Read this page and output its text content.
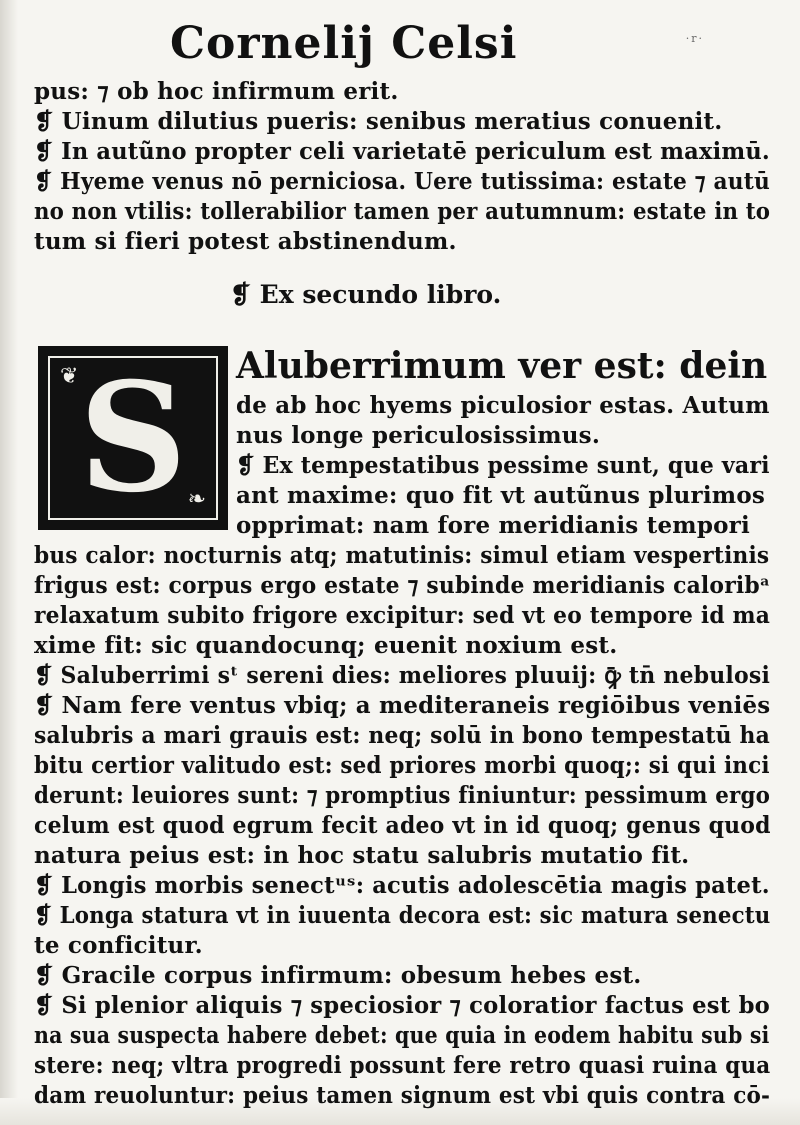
·r·
Cornelij Celsi
pus: ⁊ ob hoc infirmum erit.
❡ Uinum dilutius pueris: senibus meratius conuenit.
❡ In autũno propter celi varietatē periculum est maximū.
❡ Hyeme venus nō perniciosa. Uere tutissima: estate ⁊ autū
no non vtilis: tollerabilior tamen per autumnum: estate in to
tum si fieri potest abstinendum.
❡ Ex secundo libro.
S
❦
❧
Aluberrimum ver est: dein
de ab hoc hyems piculosior estas. Autum
nus longe periculosissimus.
❡ Ex tempestatibus pessime sunt, que vari
ant maxime: quo fit vt autũnus plurimos
opprimat: nam fore meridianis tempori
bus calor: nocturnis atq; matutinis: simul etiam vespertinis
frigus est: corpus ergo estate ⁊ subinde meridianis caloribᵃ
relaxatum subito frigore excipitur: sed vt eo tempore id ma
xime fit: sic quandocunq; euenit noxium est.
❡ Saluberrimi sᵗ sereni dies: meliores pluuij: ꝙ̄ tn̄ nebulosi
❡ Nam fere ventus vbiq; a mediteraneis regiōibus veniēs
salubris a mari grauis est: neq; solū in bono tempestatū ha
bitu certior valitudo est: sed priores morbi quoq;: si qui inci
derunt: leuiores sunt: ⁊ promptius finiuntur: pessimum ergo
celum est quod egrum fecit adeo vt in id quoq; genus quod
natura peius est: in hoc statu salubris mutatio fit.
❡ Longis morbis senectᵘˢ: acutis adolescētia magis patet.
❡ Longa statura vt in iuuenta decora est: sic matura senectu
te conficitur.
❡ Gracile corpus infirmum: obesum hebes est.
❡ Si plenior aliquis ⁊ speciosior ⁊ coloratior factus est bo
na sua suspecta habere debet: que quia in eodem habitu sub si
stere: neq; vltra progredi possunt fere retro quasi ruina qua
dam reuoluntur: peius tamen signum est vbi quis contra cō-
